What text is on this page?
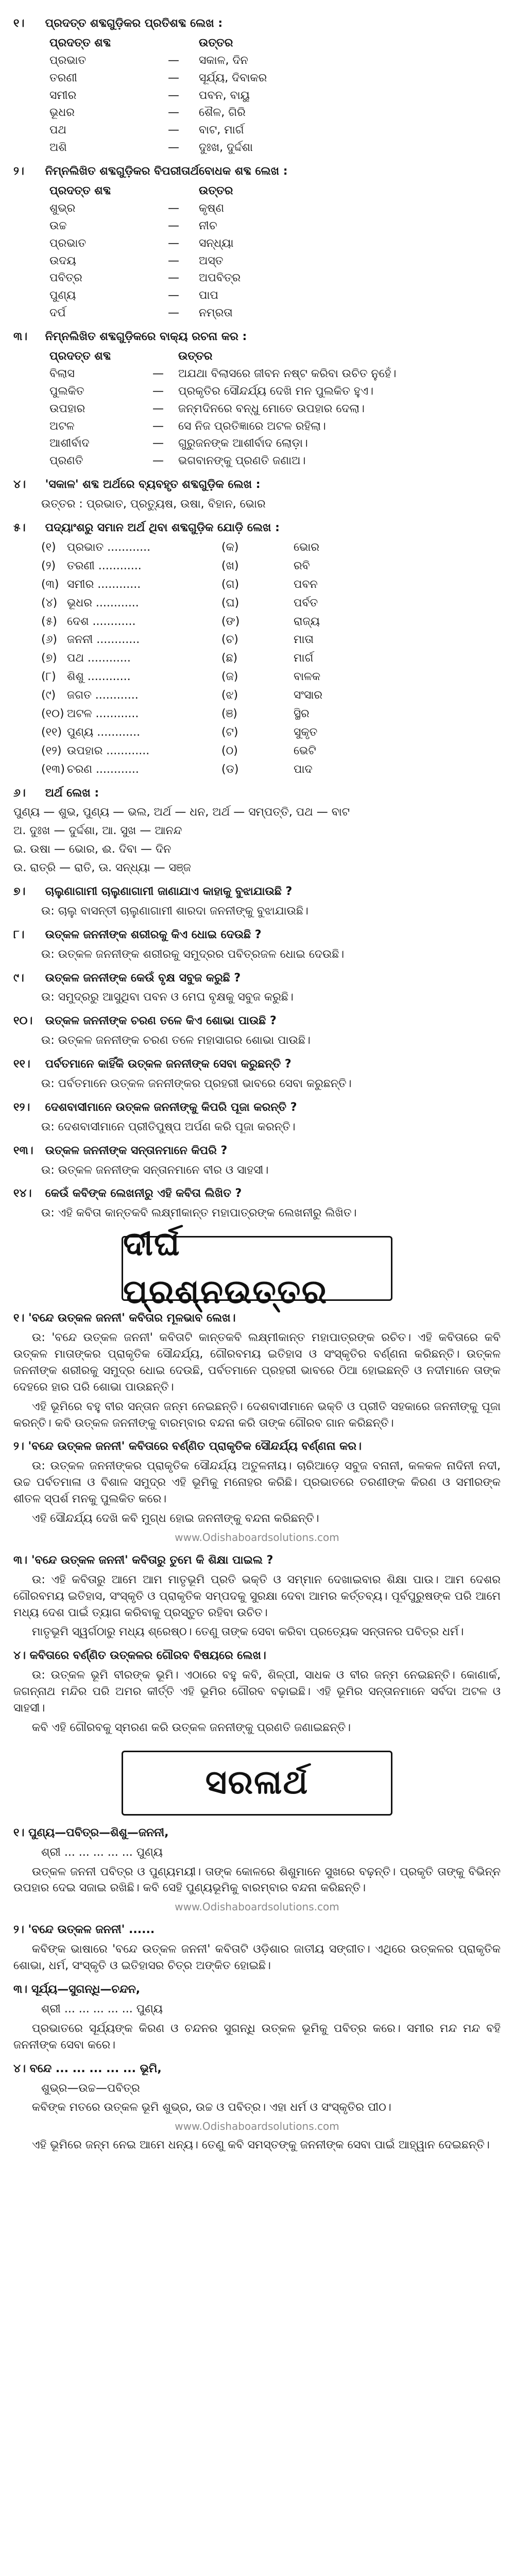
୧। ପ୍ରଦତ୍ତ ଶବ୍ଦଗୁଡ଼ିକର ପ୍ରତିଶବ୍ଦ ଲେଖ :
ପ୍ରଦତ୍ତ ଶବ୍ଦ	ଉତ୍ତର
ପ୍ରଭାତ	—	ସକାଳ, ଦିନ
ତରଣୀ	—	ସୂର୍ଯ୍ୟ, ଦିବାକର
ସମୀର	—	ପବନ, ବାୟୁ
ଭୂଧର	—	ଶୈଳ, ଗିରି
ପଥ	—	ବାଟ, ମାର୍ଗ
ଅଶି	—	ଦୁଃଖ, ଦୁର୍ଦ୍ଦଶା
୨। ନିମ୍ନଲିଖିତ ଶବ୍ଦଗୁଡ଼ିକର ବିପରୀତାର୍ଥବୋଧକ ଶବ୍ଦ ଲେଖ :
ପ୍ରଦତ୍ତ ଶବ୍ଦ	ଉତ୍ତର
ଶୁଭ୍ର	—	କୃଷ୍ଣ
ଉଚ୍ଚ	—	ନୀଚ
ପ୍ରଭାତ	—	ସନ୍ଧ୍ୟା
ଉଦୟ	—	ଅସ୍ତ
ପବିତ୍ର	—	ଅପବିତ୍ର
ପୁଣ୍ୟ	—	ପାପ
ଦର୍ପ	—	ନମ୍ରତା
୩। ନିମ୍ନଲିଖିତ ଶବ୍ଦଗୁଡ଼ିକରେ ବାକ୍ୟ ରଚନା କର :
ପ୍ରଦତ୍ତ ଶବ୍ଦ	ଉତ୍ତର
ବିଲାସ	—	ଅଯଥା ବିଲାସରେ ଜୀବନ ନଷ୍ଟ କରିବା ଉଚିତ ନୁହେଁ।
ପୁଲକିତ	—	ପ୍ରକୃତିର ସୌନ୍ଦର୍ଯ୍ୟ ଦେଖି ମନ ପୁଲକିତ ହୁଏ।
ଉପହାର	—	ଜନ୍ମଦିନରେ ବନ୍ଧୁ ମୋତେ ଉପହାର ଦେଲା।
ଅଟଳ	—	ସେ ନିଜ ପ୍ରତିଜ୍ଞାରେ ଅଟଳ ରହିଲା।
ଆଶୀର୍ବାଦ	—	ଗୁରୁଜନଙ୍କ ଆଶୀର୍ବାଦ ଲୋଡ଼ା।
ପ୍ରଣତି	—	ଭଗବାନଙ୍କୁ ପ୍ରଣତି ଜଣାଅ।
୪। 'ସକାଳ' ଶବ୍ଦ ଅର୍ଥରେ ବ୍ୟବହୃତ ଶବ୍ଦଗୁଡ଼ିକ ଲେଖ :
ଉତ୍ତର : ପ୍ରଭାତ, ପ୍ରତ୍ୟୁଷ, ଉଷା, ବିହାନ, ଭୋର
୫। ପଦ୍ୟାଂଶରୁ ସମାନ ଅର୍ଥ ଥିବା ଶବ୍ଦଗୁଡ଼ିକ ଯୋଡ଼ି ଲେଖ :
(୧) ପ୍ରଭାତ ............	(କ)	ଭୋର
(୨) ତରଣୀ ............	(ଖ)	ରବି
(୩) ସମୀର ............	(ଗ)	ପବନ
(୪) ଭୂଧର ............	(ଘ)	ପର୍ବତ
(୫) ଦେଶ ............	(ଙ)	ରାଜ୍ୟ
(୬) ଜନନୀ ............	(ଚ)	ମାତା
(୭) ପଥ ............	(ଛ)	ମାର୍ଗ
(୮) ଶିଶୁ ............	(ଜ)	ବାଳକ
(୯) ଜଗତ ............	(ଝ)	ସଂସାର
(୧୦) ଅଟଳ ............	(ଞ)	ସ୍ଥିର
(୧୧) ପୁଣ୍ୟ ............	(ଟ)	ସୁକୃତ
(୧୨) ଉପହାର ............	(ଠ)	ଭେଟି
(୧୩) ଚରଣ ............	(ଡ)	ପାଦ
୬। ଅର୍ଥ ଲେଖ :
ପୁଣ୍ୟ — ଶୁଭ, ପୁଣ୍ୟ — ଭଲ, ଅର୍ଥ — ଧନ, ଅର୍ଥ — ସମ୍ପତ୍ତି, ପଥ — ବାଟ
ଅ. ଦୁଃଖ — ଦୁର୍ଦ୍ଦଶା, ଆ. ସୁଖ — ଆନନ୍ଦ
ଇ. ଉଷା — ଭୋର, ଈ. ଦିବା — ଦିନ
ଉ. ରାତ୍ରି — ରାତି, ଊ. ସନ୍ଧ୍ୟା — ସଞ୍ଜ
୭। ଚାଲୁଣାଗାମୀ ଚାଲୁଣାଗାମୀ ଜାଣାଯାଏ କାହାକୁ ବୁଝାଯାଉଛି ?
ଉ: ଚାଲୁ ବାସନ୍ତୀ ଚାଲୁଣାଗାମୀ ଶାରଦା ଜନନୀଙ୍କୁ ବୁଝାଯାଉଛି।
୮। ଉତ୍କଳ ଜନନୀଙ୍କ ଶରୀରକୁ କିଏ ଧୋଇ ଦେଉଛି ?
ଉ: ଉତ୍କଳ ଜନନୀଙ୍କ ଶରୀରକୁ ସମୁଦ୍ରର ପବିତ୍ରଜଳ ଧୋଇ ଦେଉଛି।
୯। ଉତ୍କଳ ଜନନୀଙ୍କ କେଉଁ ବୃକ୍ଷ ସବୁଜ କରୁଛି ?
ଉ: ସମୁଦ୍ରରୁ ଆସୁଥିବା ପବନ ଓ ମେଘ ବୃକ୍ଷକୁ ସବୁଜ କରୁଛି।
୧୦। ଉତ୍କଳ ଜନନୀଙ୍କ ଚରଣ ତଳେ କିଏ ଶୋଭା ପାଉଛି ?
ଉ: ଉତ୍କଳ ଜନନୀଙ୍କ ଚରଣ ତଳେ ମହାସାଗର ଶୋଭା ପାଉଛି।
୧୧। ପର୍ବତମାନେ କାହିଁକି ଉତ୍କଳ ଜନନୀଙ୍କ ସେବା କରୁଛନ୍ତି ?
ଉ: ପର୍ବତମାନେ ଉତ୍କଳ ଜନନୀଙ୍କର ପ୍ରହରୀ ଭାବରେ ସେବା କରୁଛନ୍ତି।
୧୨। ଦେଶବାସୀମାନେ ଉତ୍କଳ ଜନନୀଙ୍କୁ କିପରି ପୂଜା କରନ୍ତି ?
ଉ: ଦେଶବାସୀମାନେ ପ୍ରୀତିପୁଷ୍ପ ଅର୍ପଣ କରି ପୂଜା କରନ୍ତି।
୧୩। ଉତ୍କଳ ଜନନୀଙ୍କ ସନ୍ତାନମାନେ କିପରି ?
ଉ: ଉତ୍କଳ ଜନନୀଙ୍କ ସନ୍ତାନମାନେ ବୀର ଓ ସାହସୀ।
୧୪। କେଉଁ କବିଙ୍କ ଲେଖନୀରୁ ଏହି କବିତା ଲିଖିତ ?
ଉ: ଏହି କବିତା କାନ୍ତକବି ଲକ୍ଷ୍ମୀକାନ୍ତ ମହାପାତ୍ରଙ୍କ ଲେଖନୀରୁ ଲିଖିତ।
ଦୀର୍ଘ ପ୍ରଶ୍ନଉତ୍ତର
୧। 'ବନ୍ଦେ ଉତ୍କଳ ଜନନୀ' କବିତାର ମୂଳଭାବ ଲେଖ।
ଉ: 'ବନ୍ଦେ ଉତ୍କଳ ଜନନୀ' କବିତାଟି କାନ୍ତକବି ଲକ୍ଷ୍ମୀକାନ୍ତ ମହାପାତ୍ରଙ୍କ ରଚିତ। ଏହି କବିତାରେ କବି ଉତ୍କଳ ମାତାଙ୍କର ପ୍ରାକୃତିକ ସୌନ୍ଦର୍ଯ୍ୟ, ଗୌରବମୟ ଇତିହାସ ଓ ସଂସ୍କୃତିର ବର୍ଣ୍ଣନା କରିଛନ୍ତି। ଉତ୍କଳ ଜନନୀଙ୍କ ଶରୀରକୁ ସମୁଦ୍ର ଧୋଇ ଦେଉଛି, ପର୍ବତମାନେ ପ୍ରହରୀ ଭାବରେ ଠିଆ ହୋଇଛନ୍ତି ଓ ନଦୀମାନେ ତାଙ୍କ ଦେହରେ ହାର ପରି ଶୋଭା ପାଉଛନ୍ତି।
ଏହି ଭୂମିରେ ବହୁ ବୀର ସନ୍ତାନ ଜନ୍ମ ନେଇଛନ୍ତି। ଦେଶବାସୀମାନେ ଭକ୍ତି ଓ ପ୍ରୀତି ସହକାରେ ଜନନୀଙ୍କୁ ପୂଜା କରନ୍ତି। କବି ଉତ୍କଳ ଜନନୀଙ୍କୁ ବାରମ୍ବାର ବନ୍ଦନା କରି ତାଙ୍କ ଗୌରବ ଗାନ କରିଛନ୍ତି।
୨। 'ବନ୍ଦେ ଉତ୍କଳ ଜନନୀ' କବିତାରେ ବର୍ଣ୍ଣିତ ପ୍ରାକୃତିକ ସୌନ୍ଦର୍ଯ୍ୟ ବର୍ଣ୍ଣନା କର।
ଉ: ଉତ୍କଳ ଜନନୀଙ୍କର ପ୍ରାକୃତିକ ସୌନ୍ଦର୍ଯ୍ୟ ଅତୁଳନୀୟ। ଚାରିଆଡ଼େ ସବୁଜ ବନାନୀ, କଳକଳ ନାଦିନୀ ନଦୀ, ଉଚ୍ଚ ପର୍ବତମାଳା ଓ ବିଶାଳ ସମୁଦ୍ର ଏହି ଭୂମିକୁ ମନୋହର କରିଛି। ପ୍ରଭାତରେ ତରଣୀଙ୍କ କିରଣ ଓ ସମୀରଙ୍କ ଶୀତଳ ସ୍ପର୍ଶ ମନକୁ ପୁଲକିତ କରେ।
ଏହି ସୌନ୍ଦର୍ଯ୍ୟ ଦେଖି କବି ମୁଗ୍ଧ ହୋଇ ଜନନୀଙ୍କୁ ବନ୍ଦନା କରିଛନ୍ତି।
www.Odishaboardsolutions.com
୩। 'ବନ୍ଦେ ଉତ୍କଳ ଜନନୀ' କବିତାରୁ ତୁମେ କି ଶିକ୍ଷା ପାଇଲ ?
ଉ: ଏହି କବିତାରୁ ଆମେ ଆମ ମାତୃଭୂମି ପ୍ରତି ଭକ୍ତି ଓ ସମ୍ମାନ ଦେଖାଇବାର ଶିକ୍ଷା ପାଉ। ଆମ ଦେଶର ଗୌରବମୟ ଇତିହାସ, ସଂସ୍କୃତି ଓ ପ୍ରାକୃତିକ ସମ୍ପଦକୁ ସୁରକ୍ଷା ଦେବା ଆମର କର୍ତ୍ତବ୍ୟ। ପୂର୍ବପୁରୁଷଙ୍କ ପରି ଆମେ ମଧ୍ୟ ଦେଶ ପାଇଁ ତ୍ୟାଗ କରିବାକୁ ପ୍ରସ୍ତୁତ ରହିବା ଉଚିତ।
ମାତୃଭୂମି ସ୍ୱର୍ଗଠାରୁ ମଧ୍ୟ ଶ୍ରେଷ୍ଠ। ତେଣୁ ତାଙ୍କ ସେବା କରିବା ପ୍ରତ୍ୟେକ ସନ୍ତାନର ପବିତ୍ର ଧର୍ମ।
୪। କବିତାରେ ବର୍ଣ୍ଣିତ ଉତ୍କଳର ଗୌରବ ବିଷୟରେ ଲେଖ।
ଉ: ଉତ୍କଳ ଭୂମି ବୀରଙ୍କ ଭୂମି। ଏଠାରେ ବହୁ କବି, ଶିଳ୍ପୀ, ସାଧକ ଓ ବୀର ଜନ୍ମ ନେଇଛନ୍ତି। କୋଣାର୍କ, ଜଗନ୍ନାଥ ମନ୍ଦିର ପରି ଅମର କୀର୍ତ୍ତି ଏହି ଭୂମିର ଗୌରବ ବଢ଼ାଇଛି। ଏହି ଭୂମିର ସନ୍ତାନମାନେ ସର୍ବଦା ଅଟଳ ଓ ସାହସୀ।
କବି ଏହି ଗୌରବକୁ ସ୍ମରଣ କରି ଉତ୍କଳ ଜନନୀଙ୍କୁ ପ୍ରଣତି ଜଣାଇଛନ୍ତି।
ସରଳାର୍ଥ
୧। ପୁଣ୍ୟ—ପବିତ୍ର—ଶିଶୁ—ଜନନୀ,
ଶ୍ରୀ ... ... ... ... ... ପୁଣ୍ୟ
ଉତ୍କଳ ଜନନୀ ପବିତ୍ର ଓ ପୁଣ୍ୟମୟୀ। ତାଙ୍କ କୋଳରେ ଶିଶୁମାନେ ସୁଖରେ ବଢ଼ନ୍ତି। ପ୍ରକୃତି ତାଙ୍କୁ ବିଭିନ୍ନ ଉପହାର ଦେଇ ସଜାଇ ରଖିଛି। କବି ସେହି ପୁଣ୍ୟଭୂମିକୁ ବାରମ୍ବାର ବନ୍ଦନା କରିଛନ୍ତି।
www.Odishaboardsolutions.com
୨। 'ବନ୍ଦେ ଉତ୍କଳ ଜନନୀ' ......
କବିଙ୍କ ଭାଷାରେ 'ବନ୍ଦେ ଉତ୍କଳ ଜନନୀ' କବିତାଟି ଓଡ଼ିଶାର ଜାତୀୟ ସଙ୍ଗୀତ। ଏଥିରେ ଉତ୍କଳର ପ୍ରାକୃତିକ ଶୋଭା, ଧର୍ମ, ସଂସ୍କୃତି ଓ ଇତିହାସର ଚିତ୍ର ଅଙ୍କିତ ହୋଇଛି।
୩। ସୂର୍ଯ୍ୟ—ସୁଗନ୍ଧି—ଚନ୍ଦନ,
ଶ୍ରୀ ... ... ... ... ... ପୁଣ୍ୟ
ପ୍ରଭାତରେ ସୂର୍ଯ୍ୟଙ୍କ କିରଣ ଓ ଚନ୍ଦନର ସୁଗନ୍ଧି ଉତ୍କଳ ଭୂମିକୁ ପବିତ୍ର କରେ। ସମୀର ମନ୍ଦ ମନ୍ଦ ବହି ଜନନୀଙ୍କ ସେବା କରେ।
୪। ବନ୍ଦେ ... ... ... ... ... ଭୂମି,
ଶୁଭ୍ର—ଉଚ୍ଚ—ପବିତ୍ର
କବିଙ୍କ ମତରେ ଉତ୍କଳ ଭୂମି ଶୁଭ୍ର, ଉଚ୍ଚ ଓ ପବିତ୍ର। ଏହା ଧର୍ମ ଓ ସଂସ୍କୃତିର ପୀଠ।
www.Odishaboardsolutions.com
ଏହି ଭୂମିରେ ଜନ୍ମ ନେଇ ଆମେ ଧନ୍ୟ। ତେଣୁ କବି ସମସ୍ତଙ୍କୁ ଜନନୀଙ୍କ ସେବା ପାଇଁ ଆହ୍ୱାନ ଦେଇଛନ୍ତି।
